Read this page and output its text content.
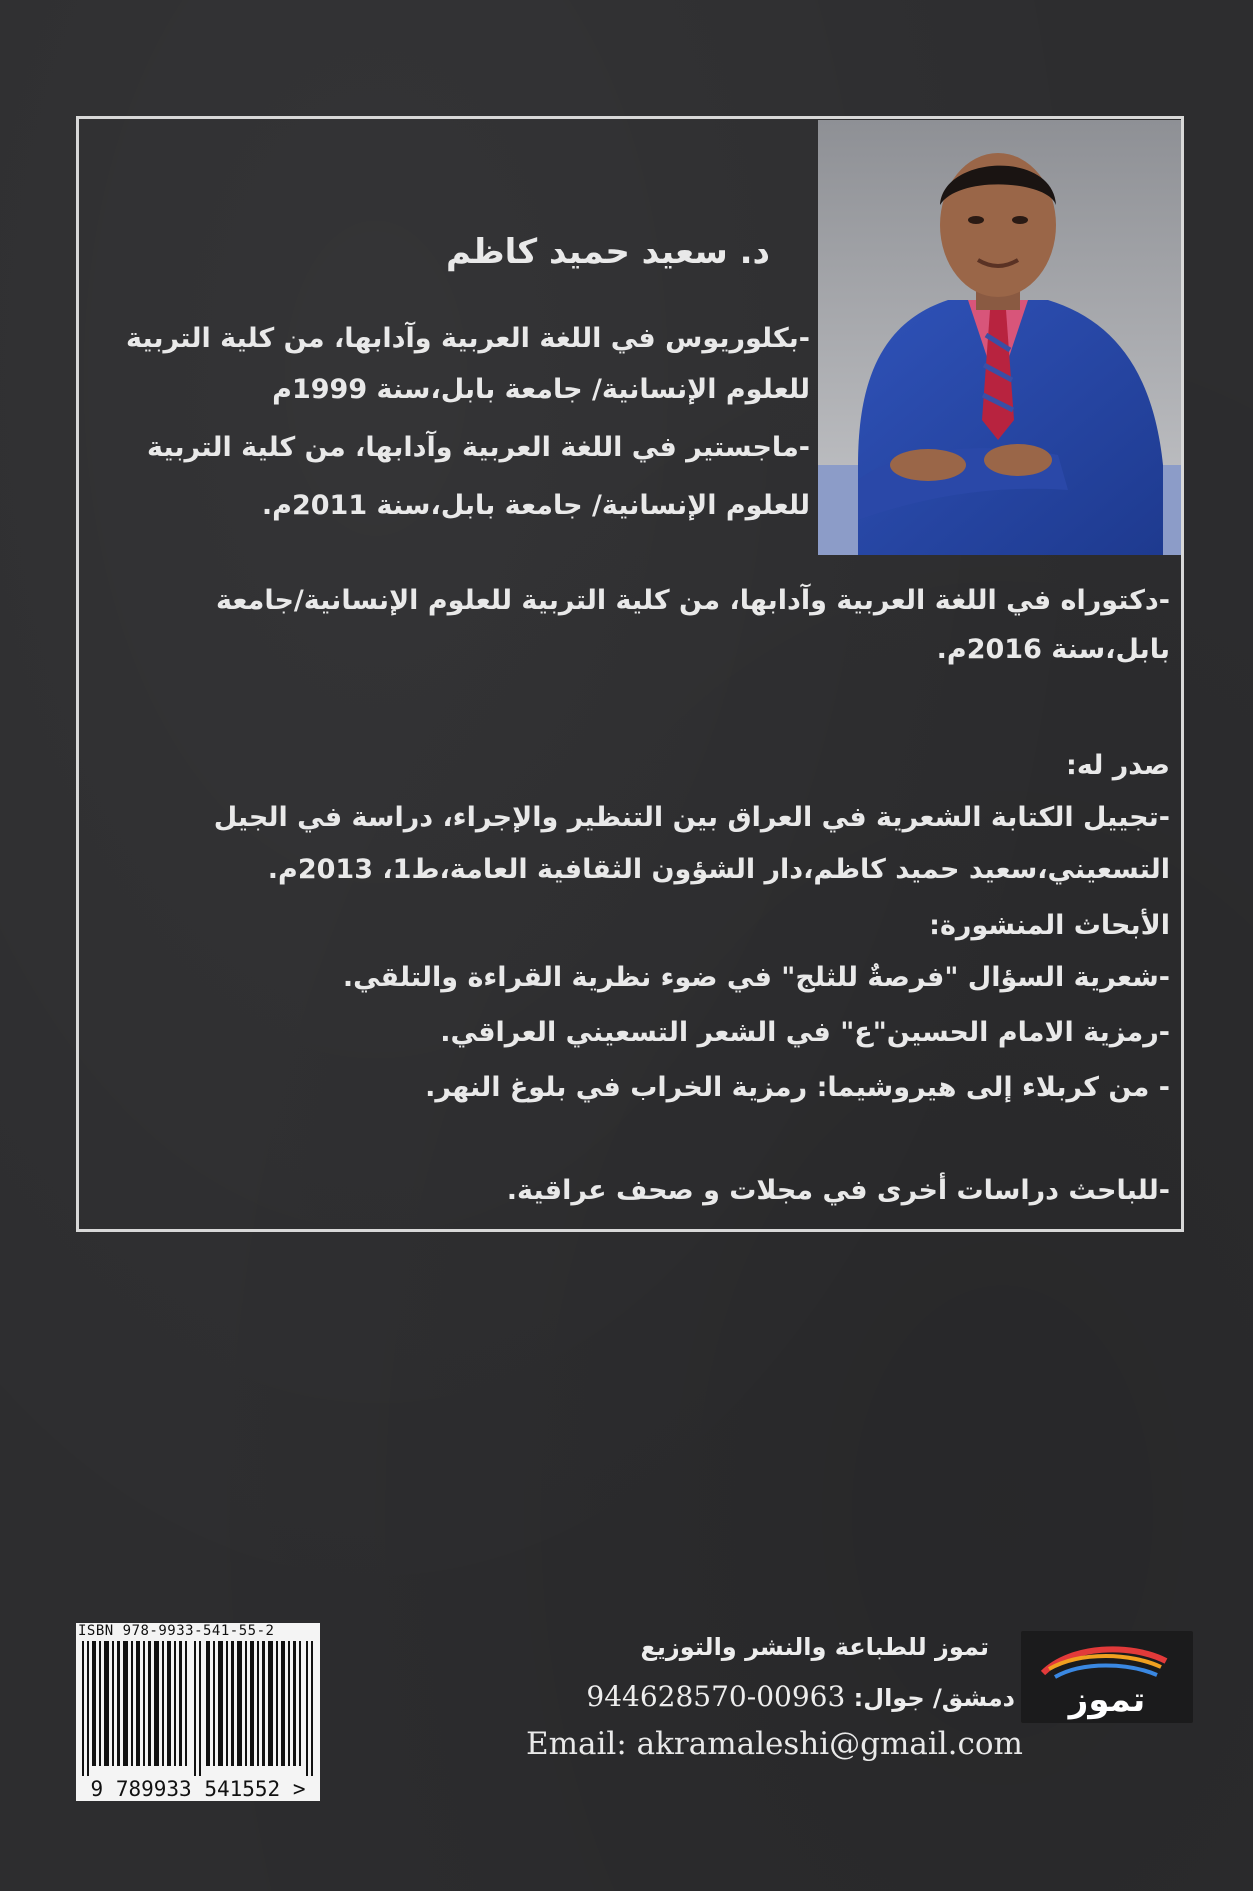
د. سعيد حميد كاظم
-بكلوريوس في اللغة العربية وآدابها، من كلية التربية
للعلوم الإنسانية/ جامعة بابل،سنة 1999م
-ماجستير في اللغة العربية وآدابها، من كلية التربية
للعلوم الإنسانية/ جامعة بابل،سنة 2011م.
-دكتوراه في اللغة العربية وآدابها، من كلية التربية للعلوم الإنسانية/جامعة
بابل،سنة 2016م.
صدر له:
-تجييل الكتابة الشعرية في العراق بين التنظير والإجراء، دراسة في الجيل
التسعيني،سعيد حميد كاظم،دار الشؤون الثقافية العامة،ط1، 2013م.
الأبحاث المنشورة:
-شعرية السؤال "فرصةٌ للثلج" في ضوء نظرية القراءة والتلقي.
-رمزية الامام الحسين"ع" في الشعر التسعيني العراقي.
- من كربلاء إلى هيروشيما: رمزية الخراب في بلوغ النهر.
-للباحث دراسات أخرى في مجلات و صحف عراقية.
ISBN 978-9933-541-55-2
9 789933 541552 >
تموز للطباعة والنشر والتوزيع
دمشق/ جوال: 00963-944628570
Email: akramaleshi@gmail.com
تموز
